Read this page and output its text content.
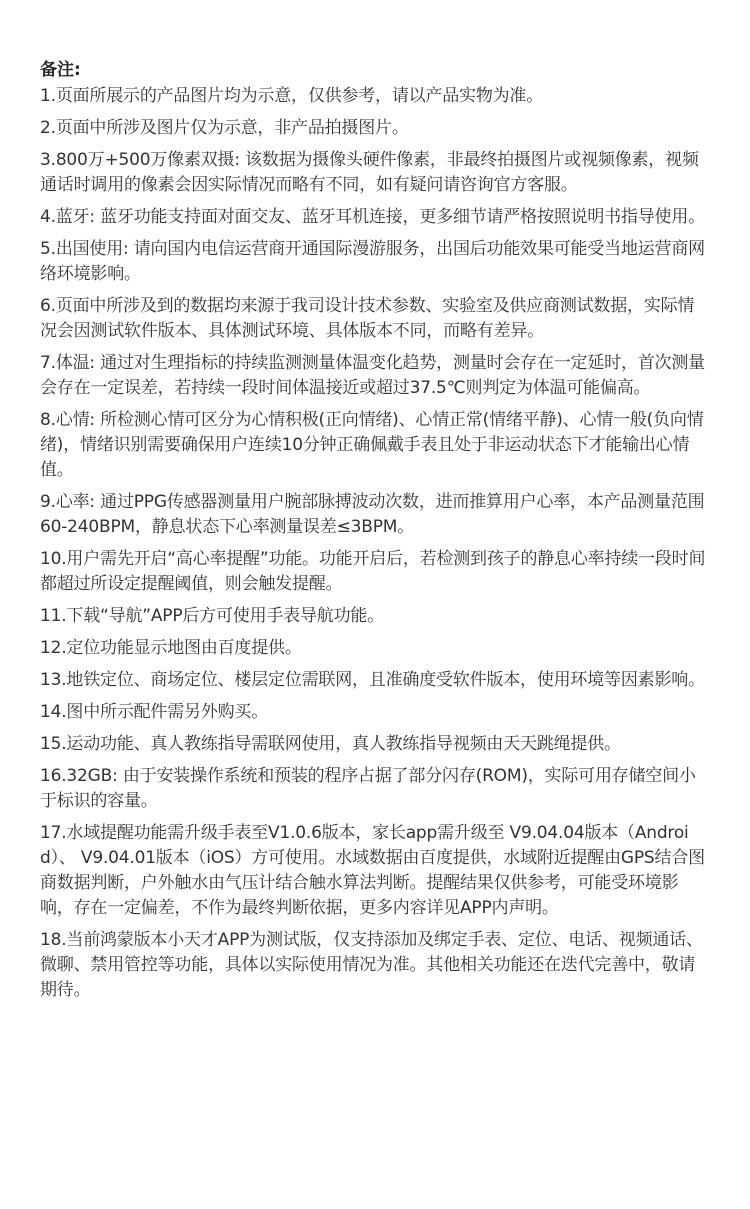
备注:
1.页面所展示的产品图片均为示意，仅供参考，请以产品实物为准。
2.页面中所涉及图片仅为示意，非产品拍摄图片。
3.800万+500万像素双摄: 该数据为摄像头硬件像素，非最终拍摄图片或视频像素，视频通话时调用的像素会因实际情况而略有不同，如有疑问请咨询官方客服。
4.蓝牙: 蓝牙功能支持面对面交友、蓝牙耳机连接，更多细节请严格按照说明书指导使用。
5.出国使用: 请向国内电信运营商开通国际漫游服务，出国后功能效果可能受当地运营商网络环境影响。
6.页面中所涉及到的数据均来源于我司设计技术参数、实验室及供应商测试数据，实际情况会因测试软件版本、具体测试环境、具体版本不同，而略有差异。
7.体温: 通过对生理指标的持续监测测量体温变化趋势，测量时会存在一定延时，首次测量会存在一定误差，若持续一段时间体温接近或超过37.5℃则判定为体温可能偏高。
8.心情: 所检测心情可区分为心情积极(正向情绪)、心情正常(情绪平静)、心情一般(负向情绪)，情绪识别需要确保用户连续10分钟正确佩戴手表且处于非运动状态下才能输出心情值。
9.心率: 通过PPG传感器测量用户腕部脉搏波动次数，进而推算用户心率，本产品测量范围60-240BPM，静息状态下心率测量误差≤3BPM。
10.用户需先开启“高心率提醒”功能。功能开启后，若检测到孩子的静息心率持续一段时间都超过所设定提醒阈值，则会触发提醒。
11.下载“导航”APP后方可使用手表导航功能。
12.定位功能显示地图由百度提供。
13.地铁定位、商场定位、楼层定位需联网，且准确度受软件版本，使用环境等因素影响。
14.图中所示配件需另外购买。
15.运动功能、真人教练指导需联网使用，真人教练指导视频由天天跳绳提供。
16.32GB: 由于安装操作系统和预装的程序占据了部分闪存(ROM)，实际可用存储空间小于标识的容量。
17.水域提醒功能需升级手表至V1.0.6版本，家长app需升级至 V9.04.04版本（Android）、 V9.04.01版本（iOS）方可使用。水域数据由百度提供，水域附近提醒由GPS结合图商数据判断，户外触水由气压计结合触水算法判断。提醒结果仅供参考，可能受环境影响，存在一定偏差，不作为最终判断依据，更多内容详见APP内声明。
18.当前鸿蒙版本小天才APP为测试版，仅支持添加及绑定手表、定位、电话、视频通话、微聊、禁用管控等功能，具体以实际使用情况为准。其他相关功能还在迭代完善中，敬请期待。
